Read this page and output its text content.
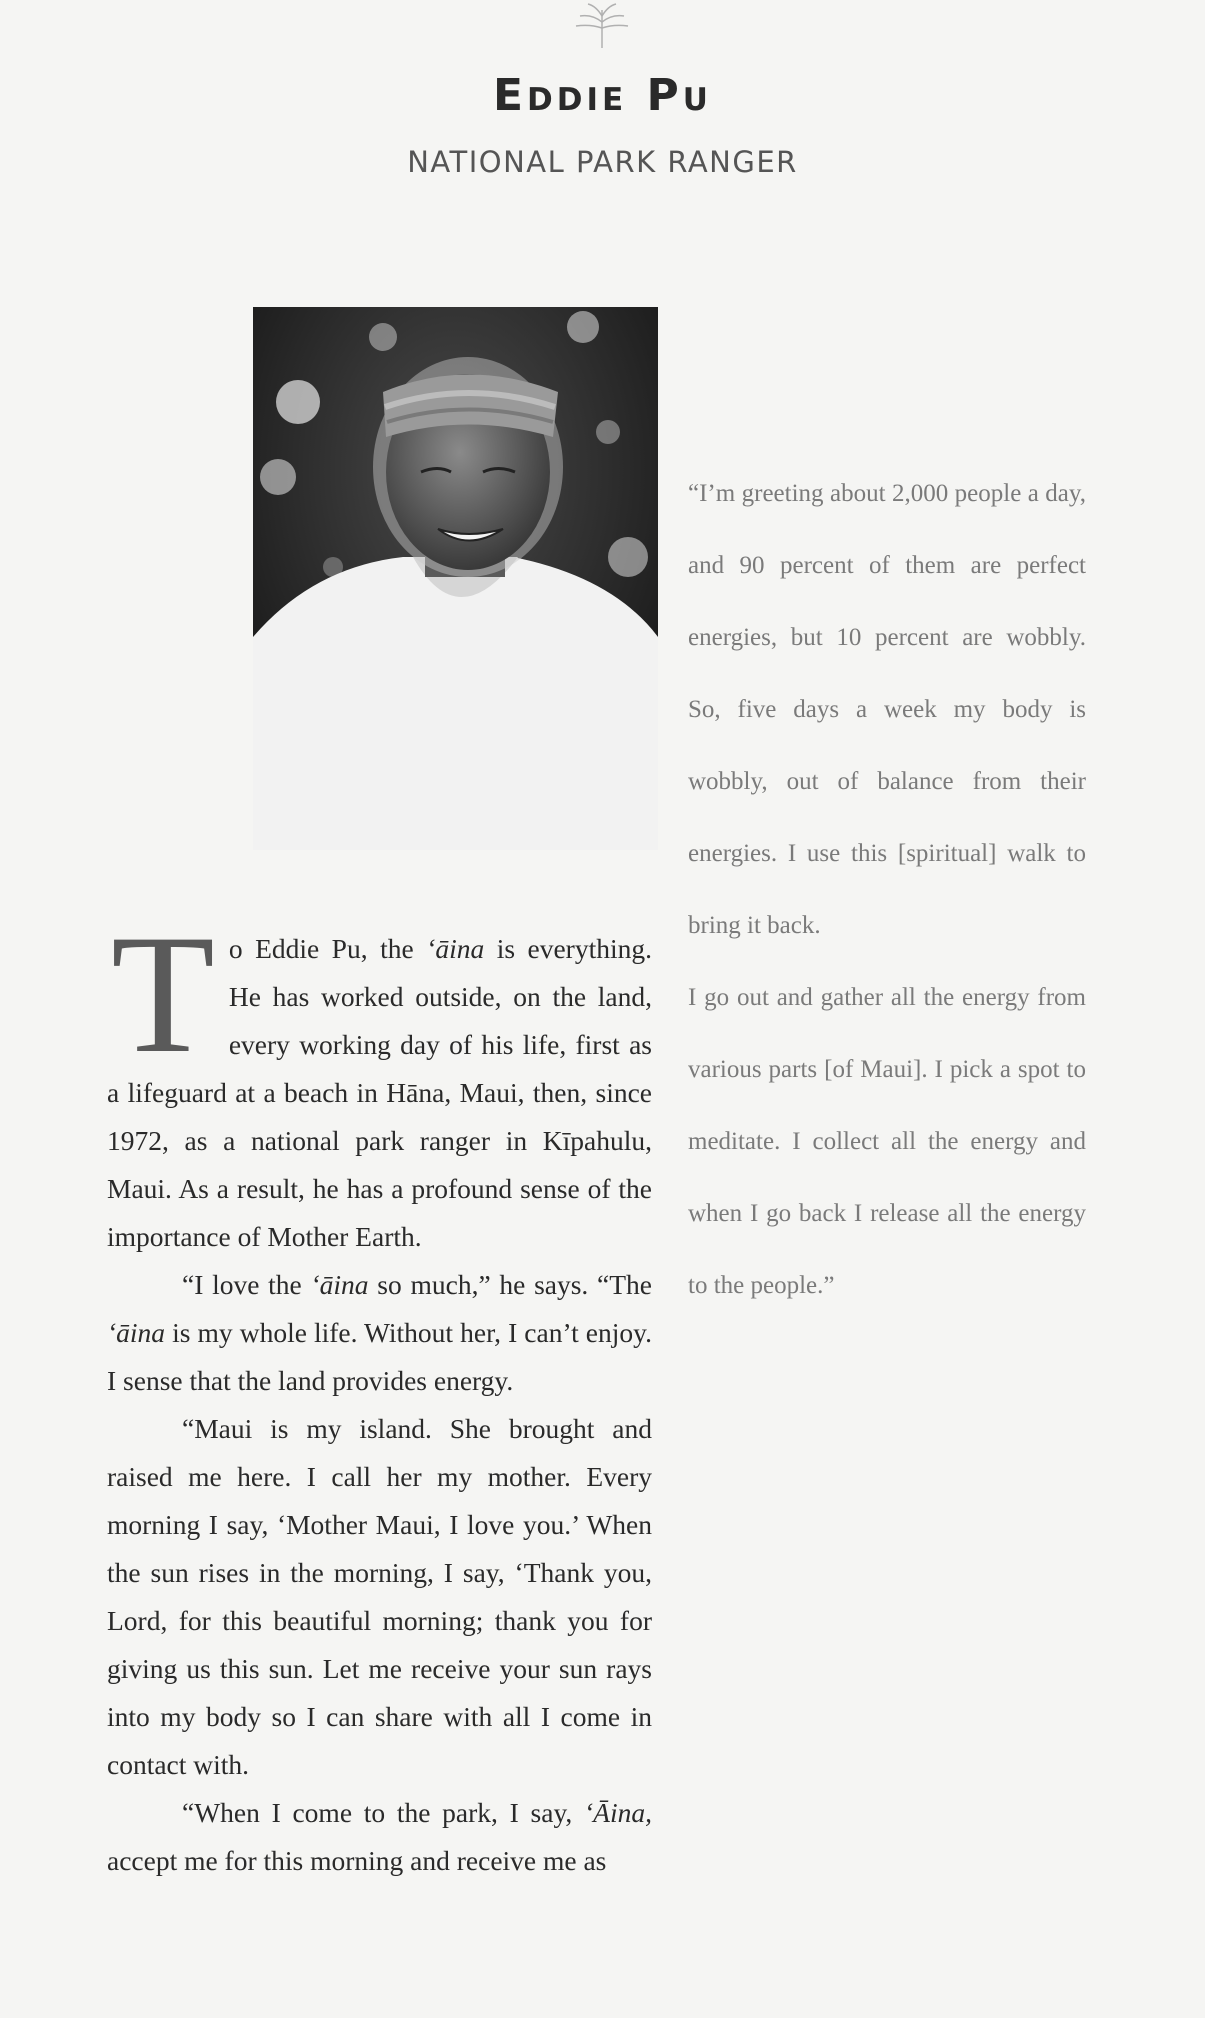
Eddie Pu
NATIONAL PARK RANGER

“I’m greeting about 2,000 people a day, and 90 percent of them are perfect energies, but 10 percent are wobbly. So, five days a week my body is wobbly, out of balance from their energies. I use this [spiritual] walk to bring it back.

I go out and gather all the energy from various parts [of Maui]. I pick a spot to meditate. I collect all the energy and when I go back I release all the energy to the people.”

To Eddie Pu, the ʻāina is everything. He has worked outside, on the land, every working day of his life, first as a lifeguard at a beach in Hāna, Maui, then, since 1972, as a national park ranger in Kīpahulu, Maui. As a result, he has a profound sense of the importance of Mother Earth.

“I love the ʻāina so much,” he says. “The ʻāina is my whole life. Without her, I can’t enjoy. I sense that the land provides energy.

“Maui is my island. She brought and raised me here. I call her my mother. Every morning I say, ‘Mother Maui, I love you.’ When the sun rises in the morning, I say, ‘Thank you, Lord, for this beautiful morning; thank you for giving us this sun. Let me receive your sun rays into my body so I can share with all I come in contact with.

“When I come to the park, I say, ʻĀina, accept me for this morning and receive me as
